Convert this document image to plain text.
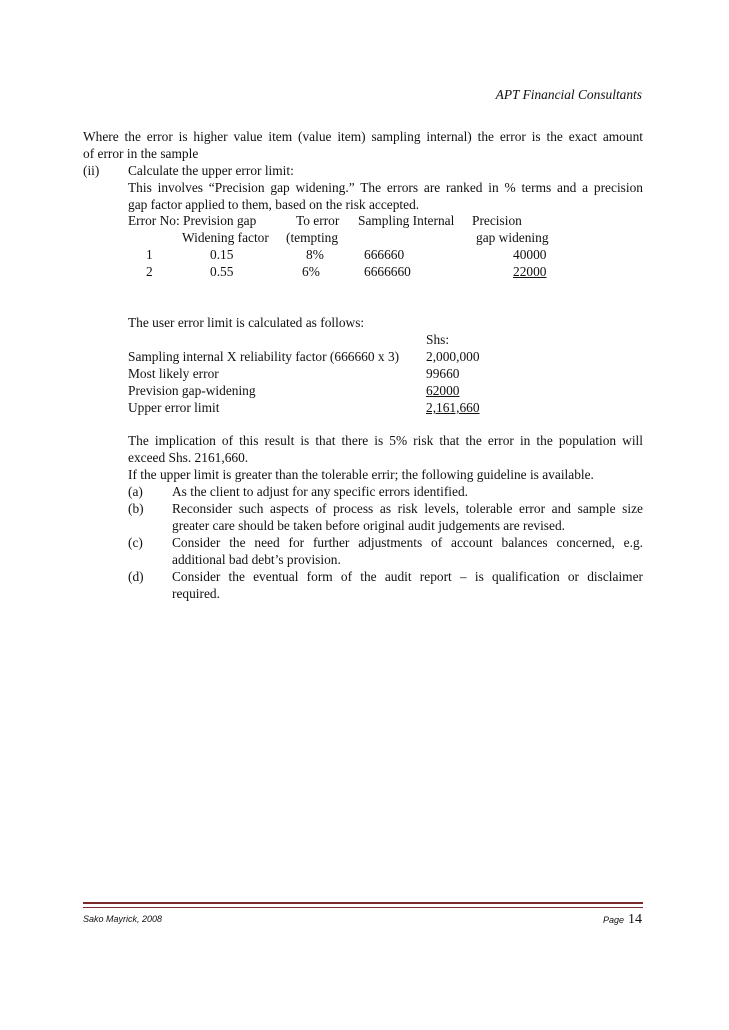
APT Financial Consultants
Where the error is higher value item (value item) sampling internal) the error is the exact amount
of error in the sample
(ii) Calculate the upper error limit:
This involves “Precision gap widening.” The errors are ranked in % terms and a precision
gap factor applied to them, based on the risk accepted.
Error No: Prevision gap	To error Sampling Internal Precision
Widening factor (tempting	gap widening
1	0.15	8%	666660	40000
2	0.55	6%	6666660	22000
The user error limit is calculated as follows:
Shs:
Sampling internal X reliability factor (666660 x 3) 2,000,000
Most likely error	99660
Prevision gap-widening	62000
Upper error limit	2,161,660
The implication of this result is that there is 5% risk that the error in the population will
exceed Shs. 2161,660.
If the upper limit is greater than the tolerable errir; the following guideline is available.
(a) As the client to adjust for any specific errors identified.
(b) Reconsider such aspects of process as risk levels, tolerable error and sample size
greater care should be taken before original audit judgements are revised.
(c) Consider the need for further adjustments of account balances concerned, e.g.
additional bad debt’s provision.
(d) Consider the eventual form of the audit report – is qualification or disclaimer
required.
Sako Mayrick, 2008	Page 14
